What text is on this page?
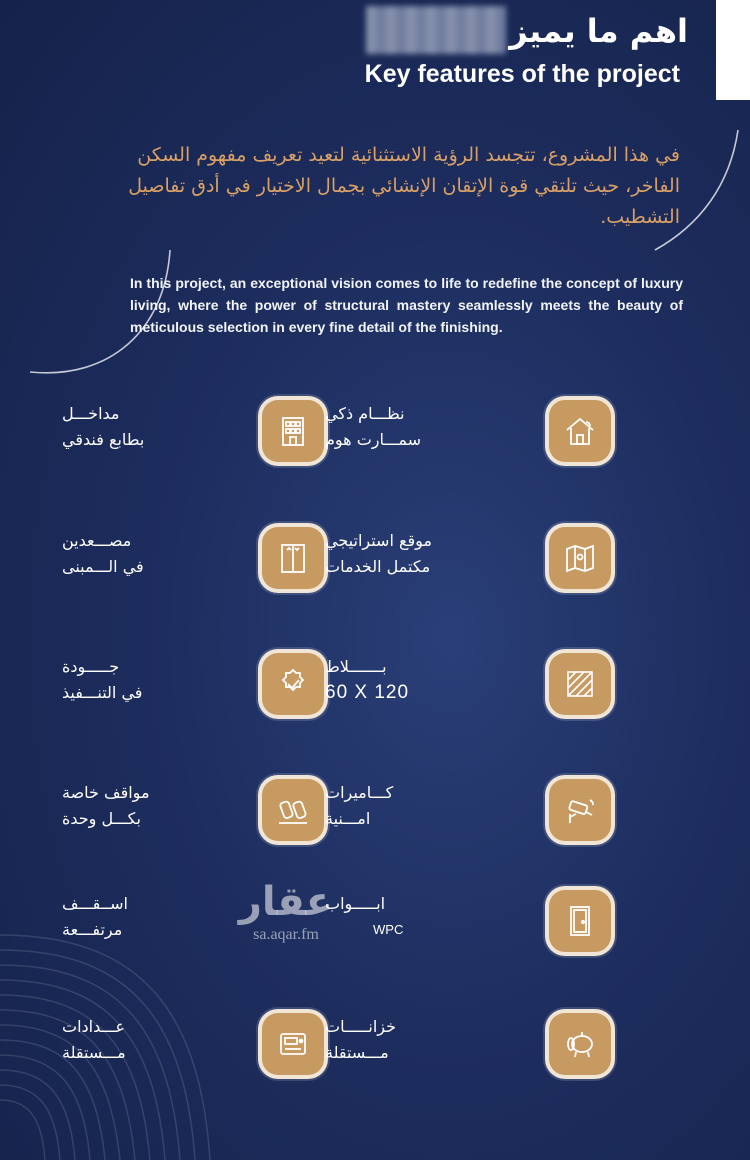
اهم ما يميز
Key features of the project

في هذا المشروع، تتجسد الرؤية الاستثنائية لتعيد تعريف مفهوم السكن الفاخر، حيث تلتقي قوة الإتقان الإنشائي بجمال الاختيار في أدق تفاصيل التشطيب.

In this project, an exceptional vision comes to life to redefine the concept of luxury living, where the power of structural mastery seamlessly meets the beauty of meticulous selection in every fine detail of the finishing.

مداخـــل
بطابع فندقي
نظـــام ذكي
سمـــارت هوم
مصـــعدين
في الـــمبنى
موقع استراتيجي
مكتمل الخدمات
جـــــودة
في التنـــفيذ
بـــــــلاط
60 X 120
مواقف خاصة
بكـــل وحدة
كـــاميرات
امـــنية
اســقـــف
مرتفـــعة
ابـــــواب
WPC
عـــدادات
مـــستقلة
خزانـــــات
مـــستقلة
عقار
sa.aqar.fm
